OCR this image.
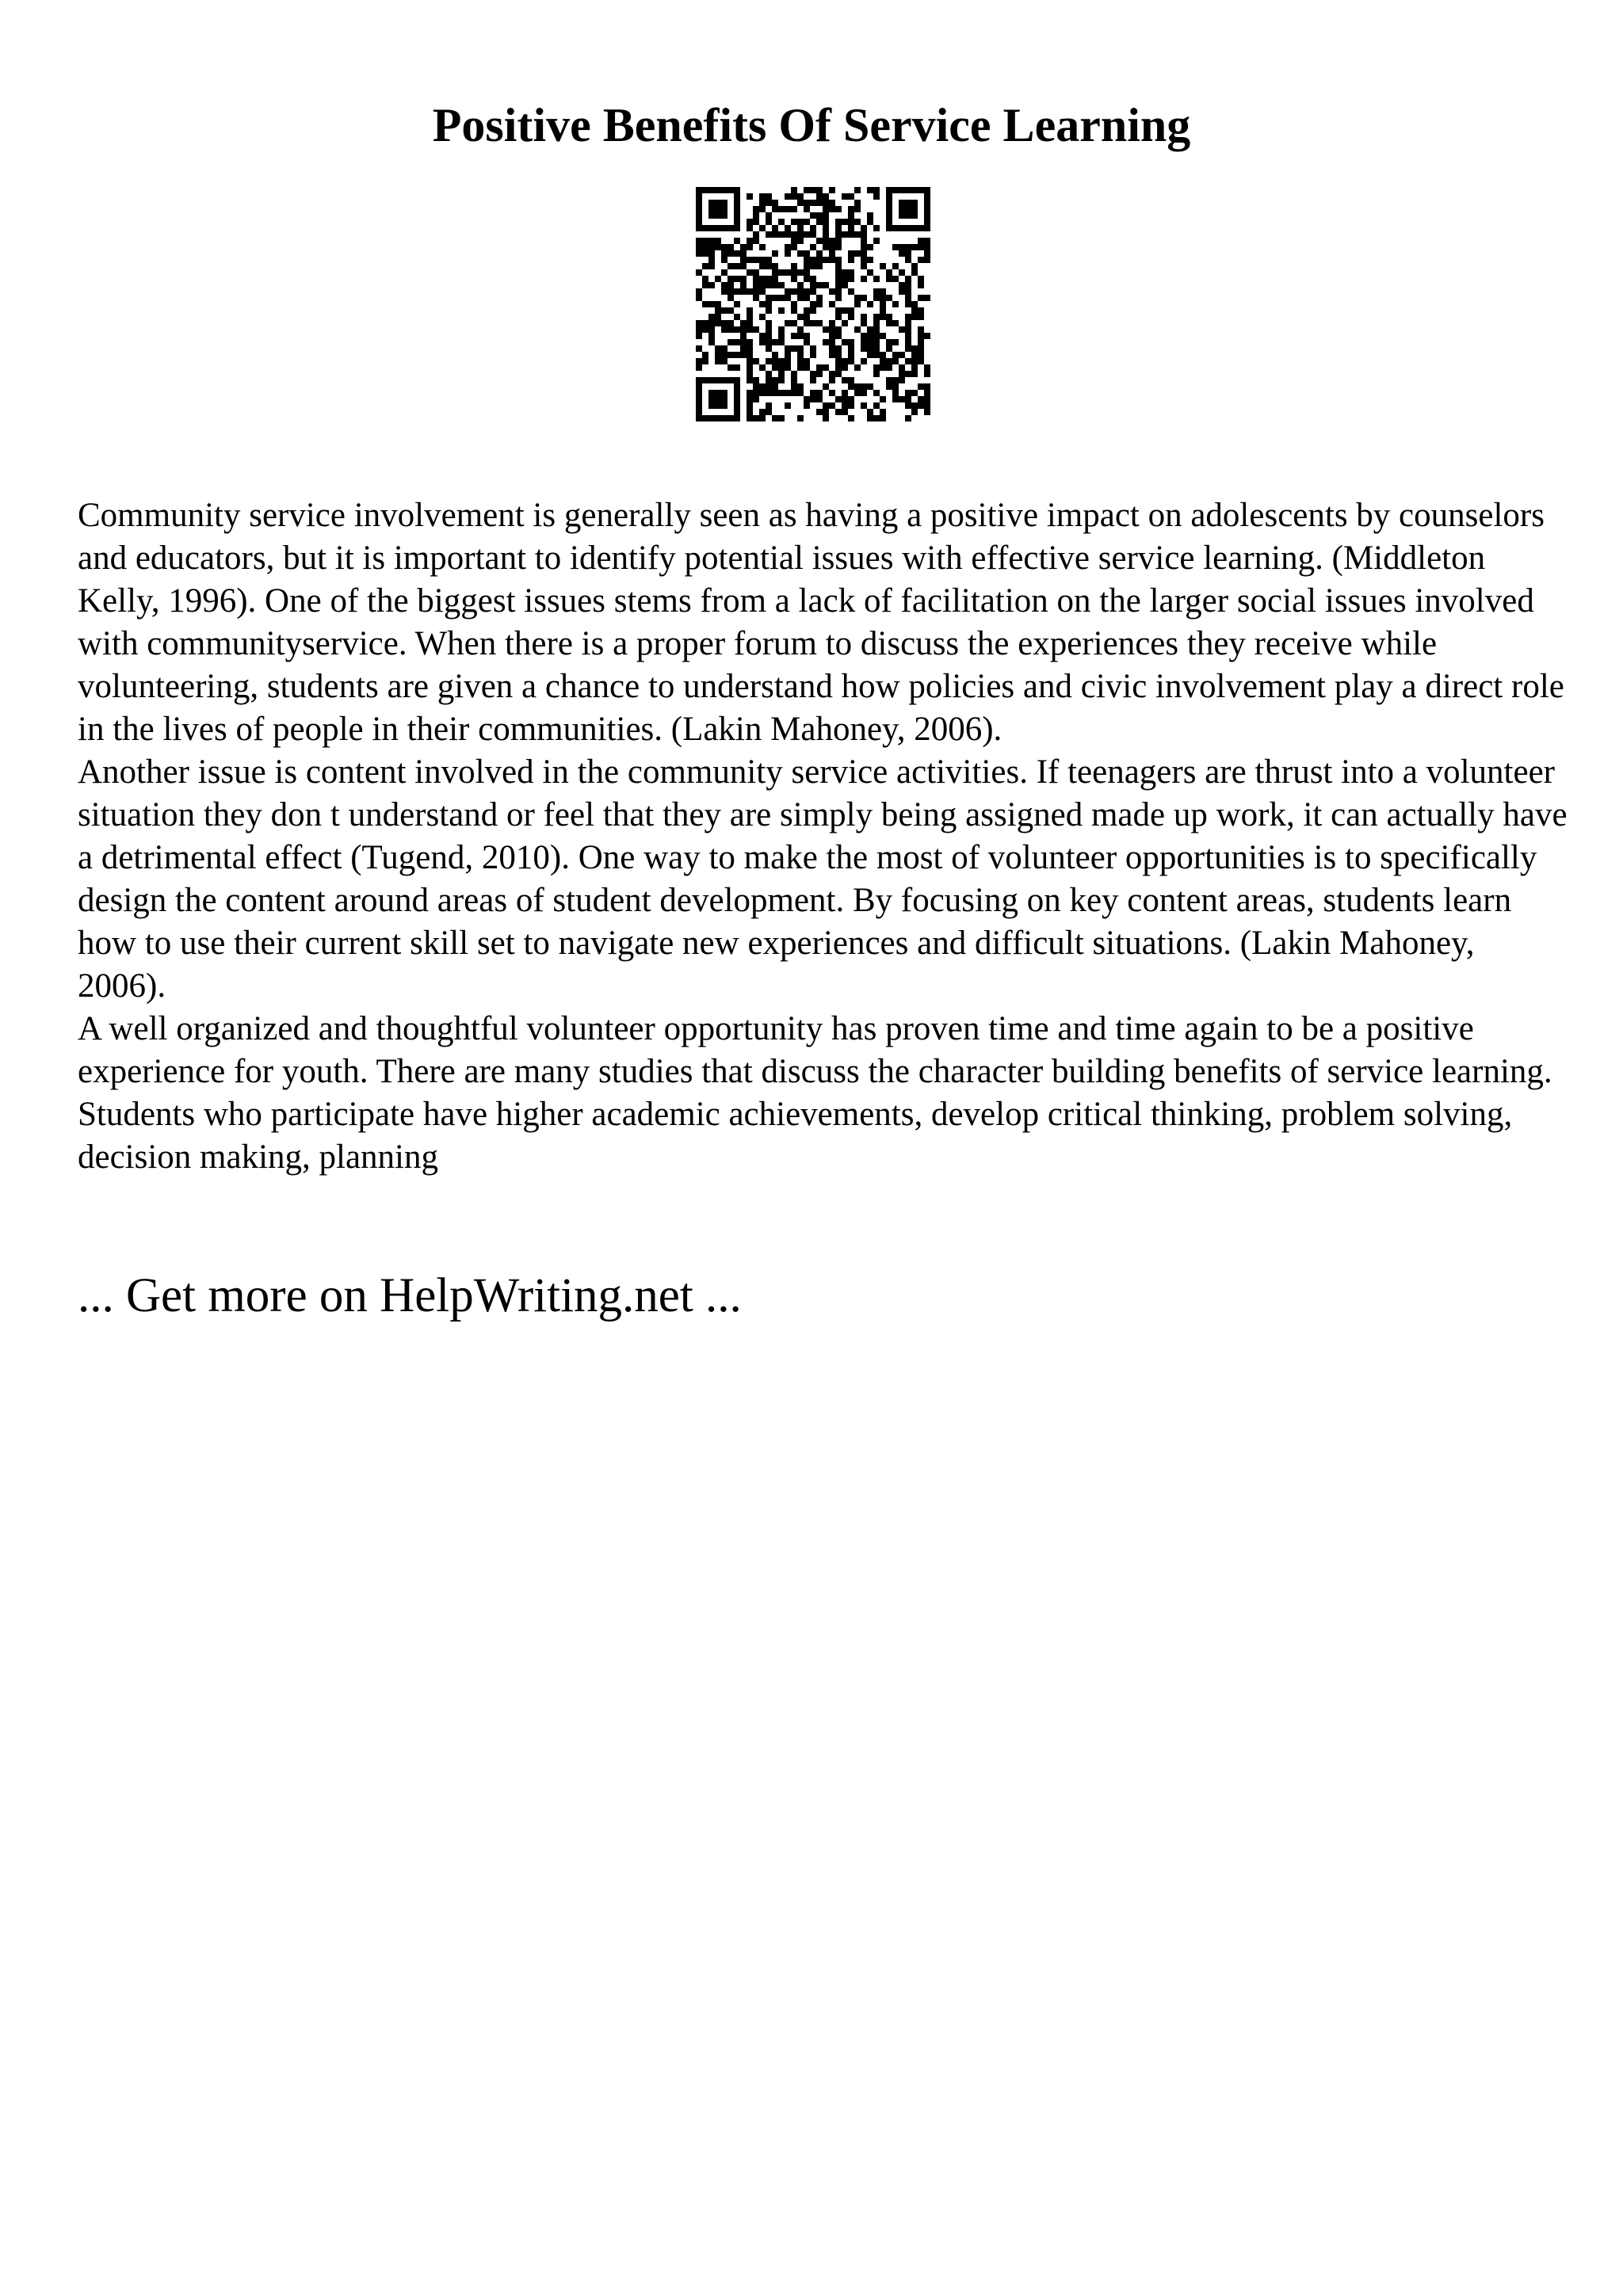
Positive Benefits Of Service Learning

Community service involvement is generally seen as having a positive impact on adolescents by counselors and educators, but it is important to identify potential issues with effective service learning. (Middleton Kelly, 1996). One of the biggest issues stems from a lack of facilitation on the larger social issues involved with communityservice. When there is a proper forum to discuss the experiences they receive while volunteering, students are given a chance to understand how policies and civic involvement play a direct role in the lives of people in their communities. (Lakin Mahoney, 2006).

Another issue is content involved in the community service activities. If teenagers are thrust into a volunteer situation they don t understand or feel that they are simply being assigned made up work, it can actually have a detrimental effect (Tugend, 2010). One way to make the most of volunteer opportunities is to specifically design the content around areas of student development. By focusing on key content areas, students learn how to use their current skill set to navigate new experiences and difficult situations. (Lakin Mahoney, 2006).

A well organized and thoughtful volunteer opportunity has proven time and time again to be a positive experience for youth. There are many studies that discuss the character building benefits of service learning. Students who participate have higher academic achievements, develop critical thinking, problem solving, decision making, planning

... Get more on HelpWriting.net ...
